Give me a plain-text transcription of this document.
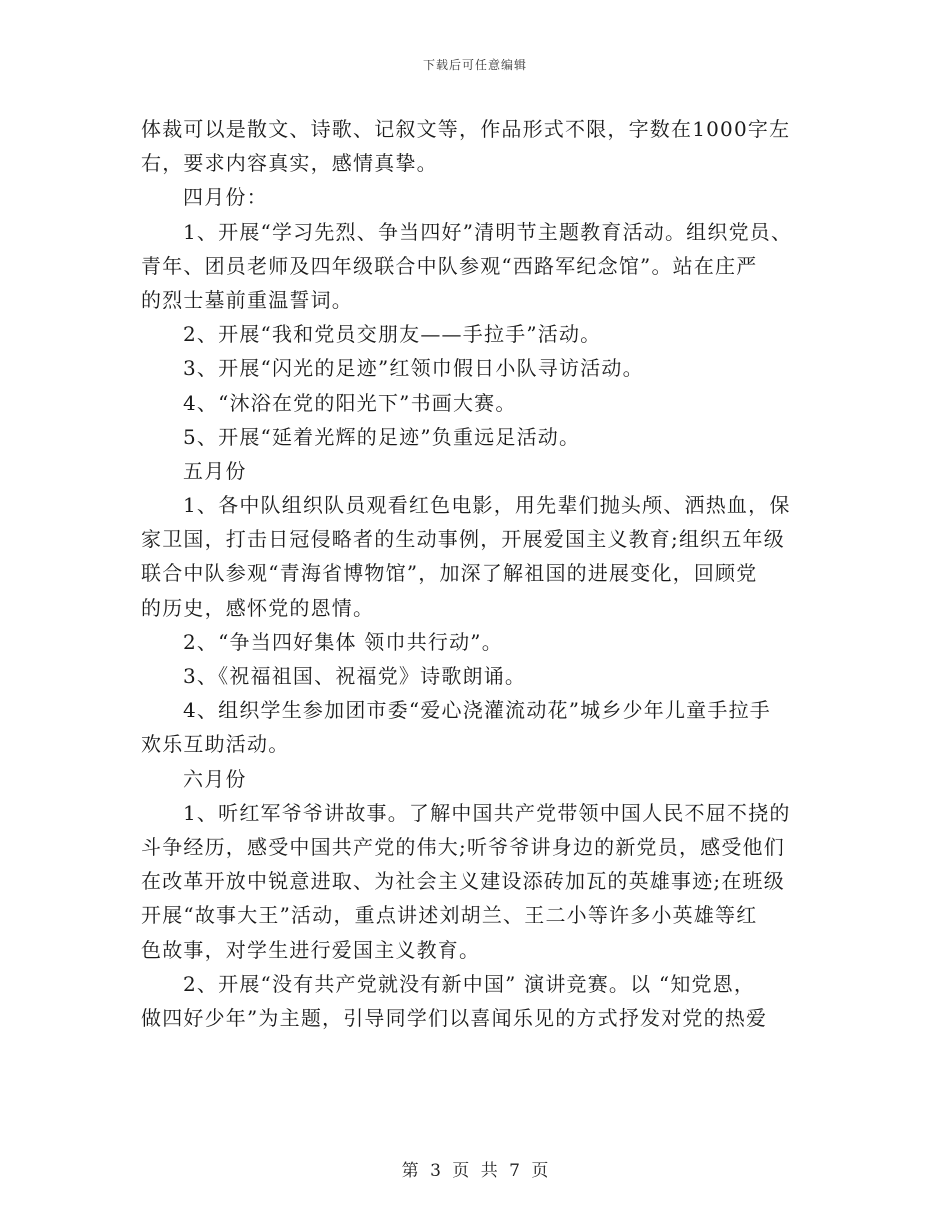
下载后可任意编辑
体裁可以是散文、诗歌、记叙文等，作品形式不限，字数在1000字左
右，要求内容真实，感情真挚。
四月份：
1、开展“学习先烈、争当四好”清明节主题教育活动。组织党员、
青年、团员老师及四年级联合中队参观“西路军纪念馆”。站在庄严
的烈士墓前重温誓词。
2、开展“我和党员交朋友——手拉手”活动。
3、开展“闪光的足迹”红领巾假日小队寻访活动。
4、“沐浴在党的阳光下”书画大赛。
5、开展“延着光辉的足迹”负重远足活动。
五月份
1、各中队组织队员观看红色电影，用先辈们抛头颅、洒热血，保
家卫国，打击日冠侵略者的生动事例，开展爱国主义教育;组织五年级
联合中队参观“青海省博物馆”，加深了解祖国的进展变化，回顾党
的历史，感怀党的恩情。
2、“争当四好集体 领巾共行动”。
3、《祝福祖国、祝福党》诗歌朗诵。
4、组织学生参加团市委“爱心浇灌流动花”城乡少年儿童手拉手
欢乐互助活动。
六月份
1、听红军爷爷讲故事。了解中国共产党带领中国人民不屈不挠的
斗争经历，感受中国共产党的伟大;听爷爷讲身边的新党员，感受他们
在改革开放中锐意进取、为社会主义建设添砖加瓦的英雄事迹;在班级
开展“故事大王”活动，重点讲述刘胡兰、王二小等许多小英雄等红
色故事，对学生进行爱国主义教育。
2、开展“没有共产党就没有新中国” 演讲竞赛。以 “知党恩，
做四好少年”为主题，引导同学们以喜闻乐见的方式抒发对党的热爱
第 3 页 共 7 页
